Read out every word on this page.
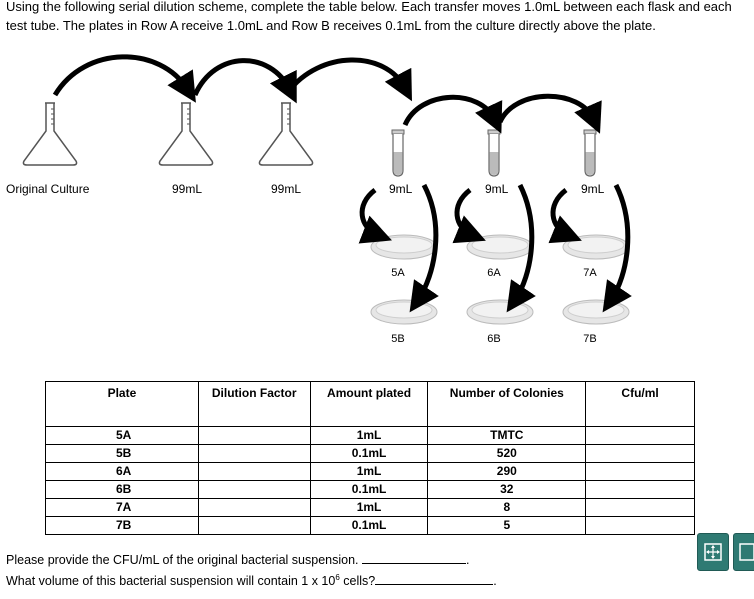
Using the following serial dilution scheme, complete the table below. Each transfer moves 1.0mL between each flask and each test tube. The plates in Row A receive 1.0mL and Row B receives 0.1mL from the culture directly above the plate.
Original Culture	99mL	99mL	9mL	9mL	9mL
5A	6A	7A
5B	6B	7B
Plate	Dilution Factor	Amount plated	Number of Colonies	Cfu/ml
5A		1mL	TMTC	
5B		0.1mL	520	
6A		1mL	290	
6B		0.1mL	32	
7A		1mL	8	
7B		0.1mL	5	
Please provide the CFU/mL of the original bacterial suspension.	.
What volume of this bacterial suspension will contain 1 x $10^6$ cells?	.
